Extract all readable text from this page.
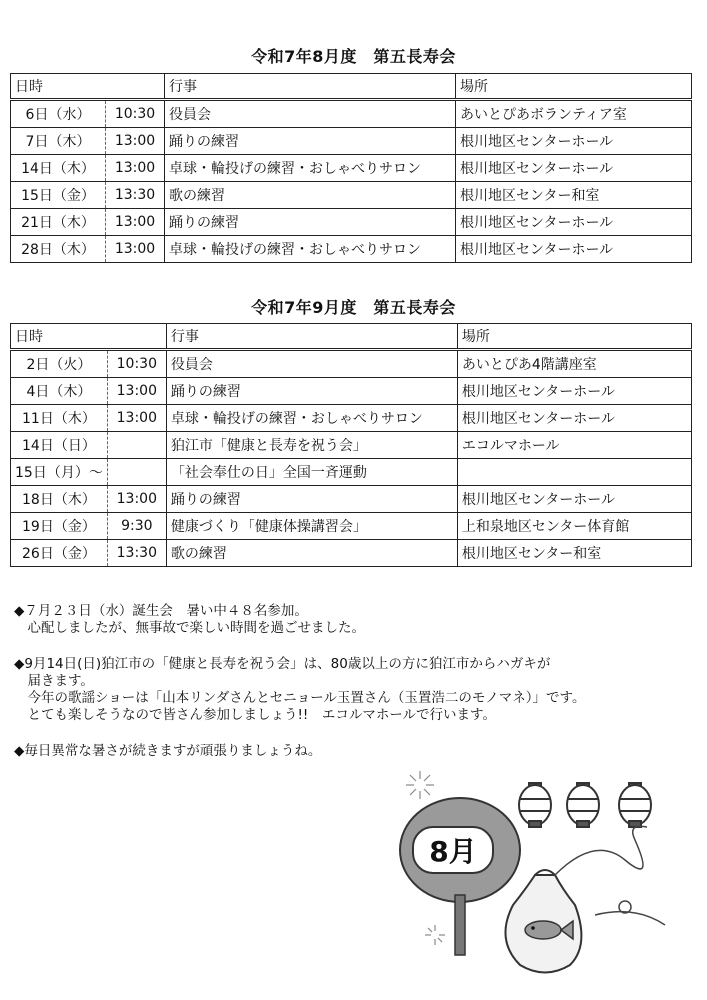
令和7年8月度　第五長寿会
日時		行事	場所
6日（水）	10:30	役員会	あいとぴあボランティア室
7日（木）	13:00	踊りの練習	根川地区センターホール
14日（木）	13:00	卓球・輪投げの練習・おしゃべりサロン	根川地区センターホール
15日（金）	13:30	歌の練習	根川地区センター和室
21日（木）	13:00	踊りの練習	根川地区センターホール
28日（木）	13:00	卓球・輪投げの練習・おしゃべりサロン	根川地区センターホール
令和7年9月度　第五長寿会
日時		行事	場所
2日（火）	10:30	役員会	あいとぴあ4階講座室
4日（木）	13:00	踊りの練習	根川地区センターホール
11日（木）	13:00	卓球・輪投げの練習・おしゃべりサロン	根川地区センターホール
14日（日）		狛江市「健康と長寿を祝う会」	エコルマホール
15日（月）～		「社会奉仕の日」全国一斉運動	
18日（木）	13:00	踊りの練習	根川地区センターホール
19日（金）	9:30	健康づくり「健康体操講習会」	上和泉地区センター体育館
26日（金）	13:30	歌の練習	根川地区センター和室

◆７月２３日（水）誕生会　暑い中４８名参加。

　心配しましたが、無事故で楽しい時間を過ごせました。

◆9月14日(日)狛江市の「健康と長寿を祝う会」は、80歳以上の方に狛江市からハガキが

　届きます。

　今年の歌謡ショーは「山本リンダさんとセニョール玉置さん（玉置浩二のモノマネ）」です。

　とても楽しそうなので皆さん参加しましょう!!　エコルマホールで行います。

◆毎日異常な暑さが続きますが頑張りましょうね。

8月
